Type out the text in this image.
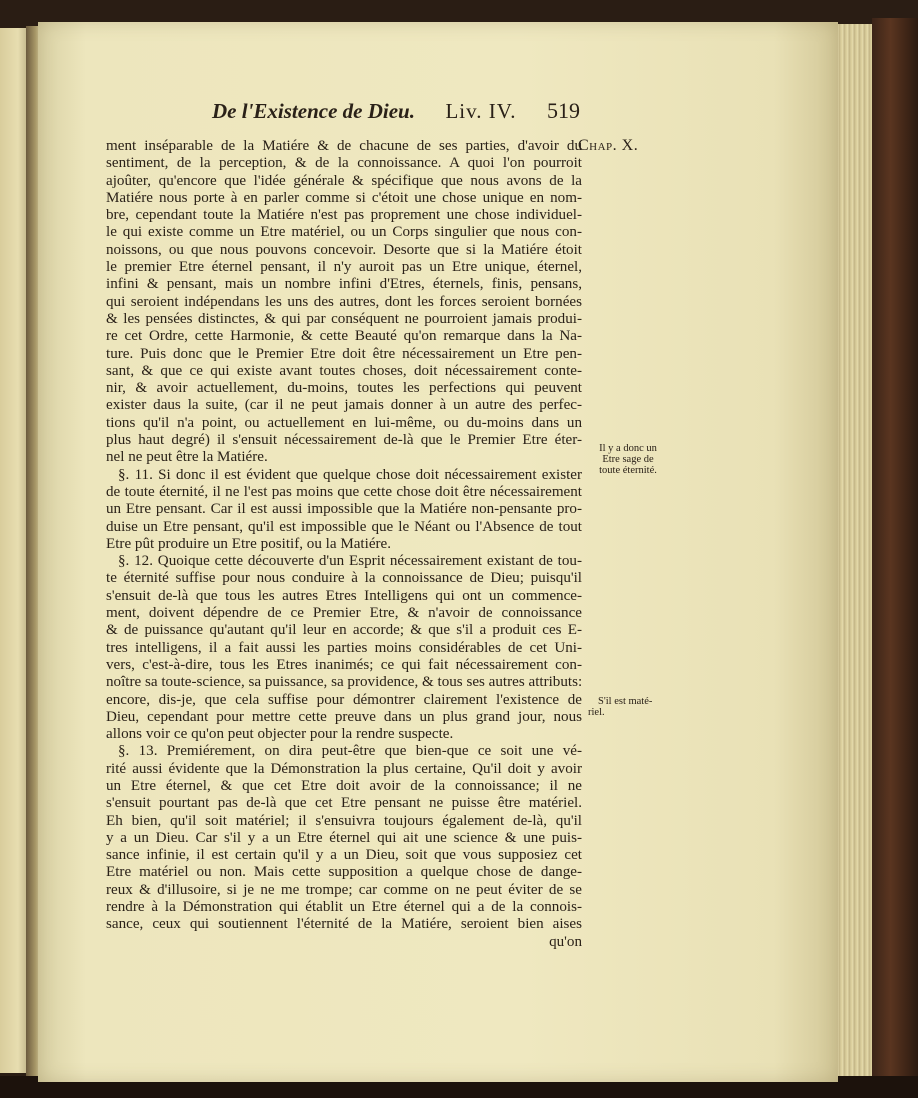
De l'Existence de Dieu. Liv. IV. 519
Chap. X.
ment inséparable de la Matiére & de chacune de ses parties, d'avoir du
sentiment, de la perception, & de la connoissance. A quoi l'on pourroit
ajoûter, qu'encore que l'idée générale & spécifique que nous avons de la
Matiére nous porte à en parler comme si c'étoit une chose unique en nom-
bre, cependant toute la Matiére n'est pas proprement une chose individuel-
le qui existe comme un Etre matériel, ou un Corps singulier que nous con-
noissons, ou que nous pouvons concevoir. Desorte que si la Matiére étoit
le premier Etre éternel pensant, il n'y auroit pas un Etre unique, éternel,
infini & pensant, mais un nombre infini d'Etres, éternels, finis, pensans,
qui seroient indépendans les uns des autres, dont les forces seroient bornées
& les pensées distinctes, & qui par conséquent ne pourroient jamais produi-
re cet Ordre, cette Harmonie, & cette Beauté qu'on remarque dans la Na-
ture. Puis donc que le Premier Etre doit être nécessairement un Etre pen-
sant, & que ce qui existe avant toutes choses, doit nécessairement conte-
nir, & avoir actuellement, du-moins, toutes les perfections qui peuvent
exister daus la suite, (car il ne peut jamais donner à un autre des perfec-
tions qu'il n'a point, ou actuellement en lui-même, ou du-moins dans un
plus haut degré) il s'ensuit nécessairement de-là que le Premier Etre éter-
nel ne peut être la Matiére.
§. 11. Si donc il est évident que quelque chose doit nécessairement exister
de toute éternité, il ne l'est pas moins que cette chose doit être nécessairement
un Etre pensant. Car il est aussi impossible que la Matiére non-pensante pro-
duise un Etre pensant, qu'il est impossible que le Néant ou l'Absence de tout
Etre pût produire un Etre positif, ou la Matiére.
§. 12. Quoique cette découverte d'un Esprit nécessairement existant de tou-
te éternité suffise pour nous conduire à la connoissance de Dieu; puisqu'il
s'ensuit de-là que tous les autres Etres Intelligens qui ont un commence-
ment, doivent dépendre de ce Premier Etre, & n'avoir de connoissance
& de puissance qu'autant qu'il leur en accorde; & que s'il a produit ces E-
tres intelligens, il a fait aussi les parties moins considérables de cet Uni-
vers, c'est-à-dire, tous les Etres inanimés; ce qui fait nécessairement con-
noître sa toute-science, sa puissance, sa providence, & tous ses autres attributs:
encore, dis-je, que cela suffise pour démontrer clairement l'existence de
Dieu, cependant pour mettre cette preuve dans un plus grand jour, nous
allons voir ce qu'on peut objecter pour la rendre suspecte.
§. 13. Premiérement, on dira peut-être que bien-que ce soit une vé-
rité aussi évidente que la Démonstration la plus certaine, Qu'il doit y avoir
un Etre éternel, & que cet Etre doit avoir de la connoissance; il ne
s'ensuit pourtant pas de-là que cet Etre pensant ne puisse être matériel.
Eh bien, qu'il soit matériel; il s'ensuivra toujours également de-là, qu'il
y a un Dieu. Car s'il y a un Etre éternel qui ait une science & une puis-
sance infinie, il est certain qu'il y a un Dieu, soit que vous supposiez cet
Etre matériel ou non. Mais cette supposition a quelque chose de dange-
reux & d'illusoire, si je ne me trompe; car comme on ne peut éviter de se
rendre à la Démonstration qui établit un Etre éternel qui a de la connois-
sance, ceux qui soutiennent l'éternité de la Matiére, seroient bien aises
qu'on
Il y a donc un
Etre sage de
toute éternité.
S'il est maté-
riel.
